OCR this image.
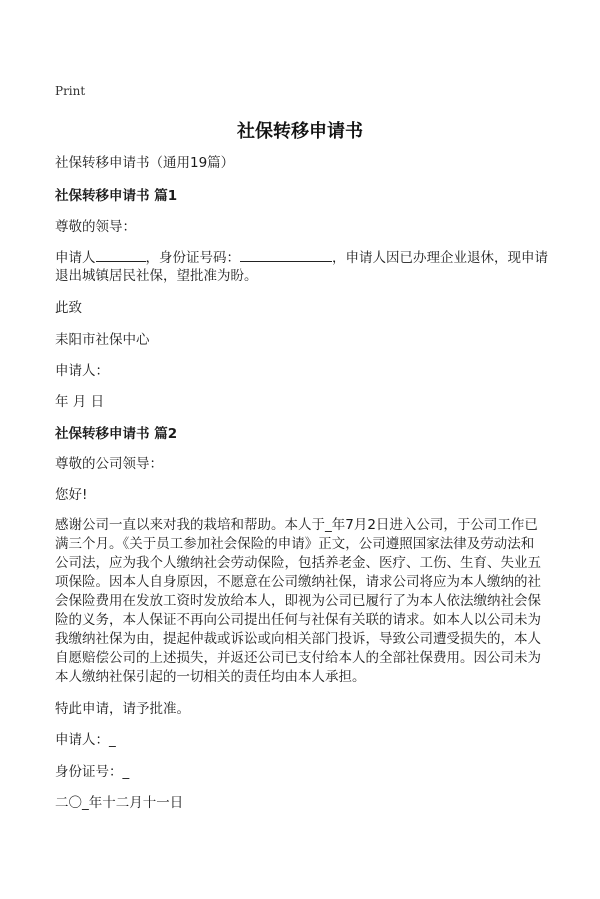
Print
社保转移申请书
社保转移申请书（通用19篇）
社保转移申请书 篇1
尊敬的领导：
申请人	，身份证号码：	，申请人因已办理企业退休，现申请
退出城镇居民社保，望批准为盼。
此致
耒阳市社保中心
申请人：
年 月 日
社保转移申请书 篇2
尊敬的公司领导：
您好!
感谢公司一直以来对我的栽培和帮助。本人于_年7月2日进入公司，于公司工作已
满三个月。《关于员工参加社会保险的申请》正文，公司遵照国家法律及劳动法和
公司法，应为我个人缴纳社会劳动保险，包括养老金、医疗、工伤、生育、失业五
项保险。因本人自身原因，不愿意在公司缴纳社保，请求公司将应为本人缴纳的社
会保险费用在发放工资时发放给本人，即视为公司已履行了为本人依法缴纳社会保
险的义务，本人保证不再向公司提出任何与社保有关联的请求。如本人以公司未为
我缴纳社保为由，提起仲裁或诉讼或向相关部门投诉，导致公司遭受损失的，本人
自愿赔偿公司的上述损失，并返还公司已支付给本人的全部社保费用。因公司未为
本人缴纳社保引起的一切相关的责任均由本人承担。
特此申请，请予批准。
申请人：_
身份证号：_
二〇_年十二月十一日
